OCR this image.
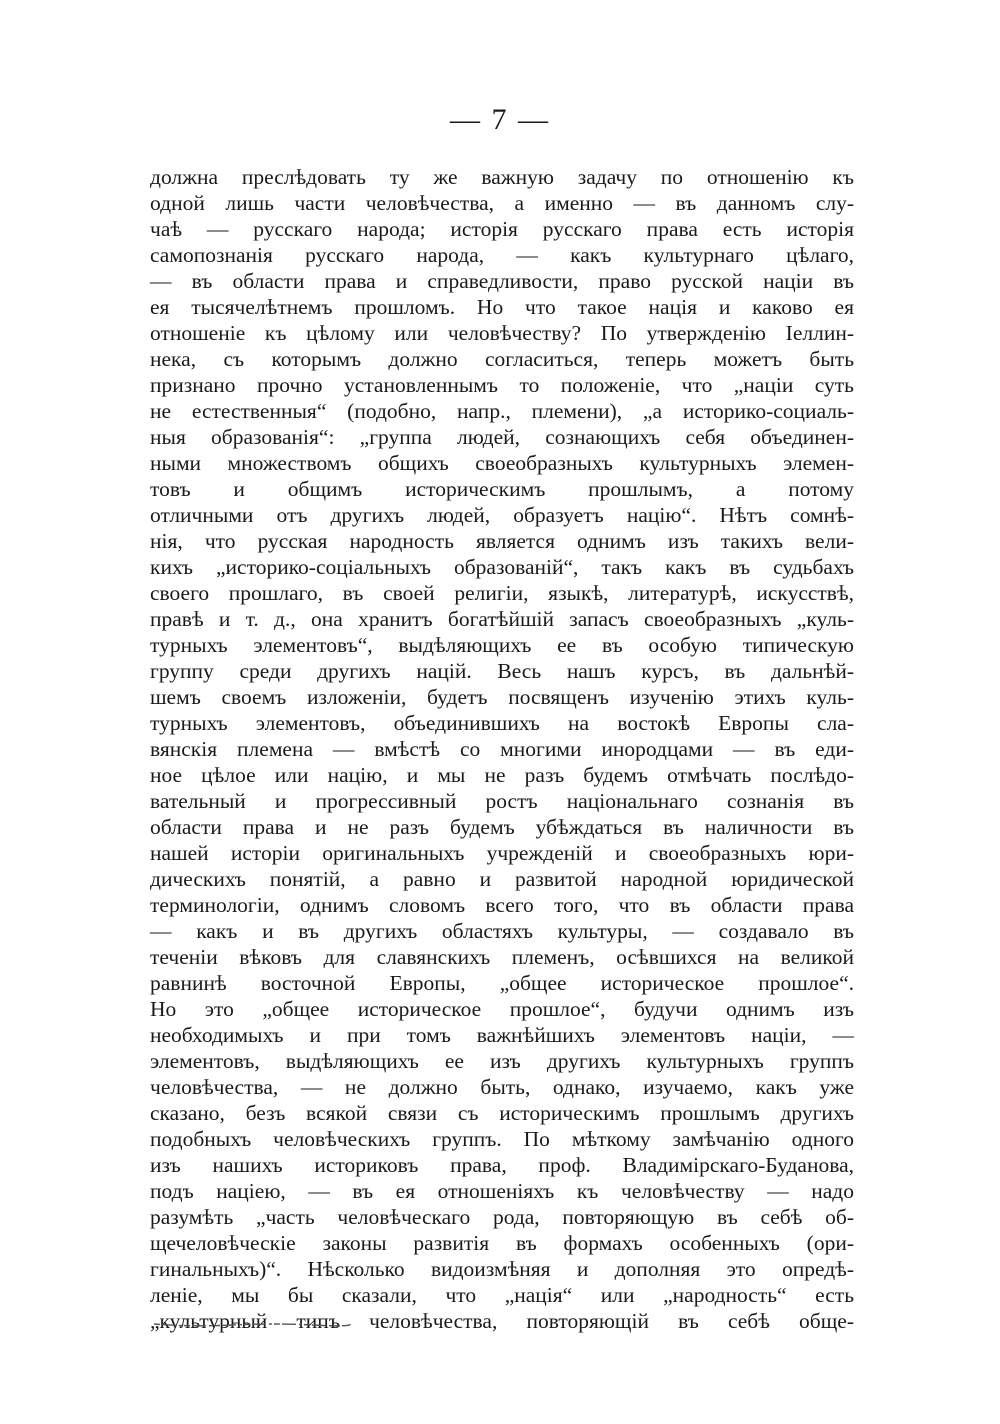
— 7 —
должна преслѣдовать ту же важную задачу по отношенію къ
одной лишь части человѣчества, а именно — въ данномъ слу-
чаѣ — русскаго народа; исторія русскаго права есть исторія
самопознанія русскаго народа, — какъ культурнаго цѣлаго,
— въ области права и справедливости, право русской націи въ
ея тысячелѣтнемъ прошломъ. Но что такое нація и каково ея
отношеніе къ цѣлому или человѣчеству? По утвержденію Іеллин-
нека, съ которымъ должно согласиться, теперь можетъ быть
признано прочно установленнымъ то положеніе, что „націи суть
не естественныя“ (подобно, напр., племени), „а историко-социаль-
ныя образованія“: „группа людей, сознающихъ себя объединен-
ными множествомъ общихъ своеобразныхъ культурныхъ элемен-
товъ и общимъ историческимъ прошлымъ, а потому
отличными отъ другихъ людей, образуетъ націю“. Нѣтъ сомнѣ-
нія, что русская народность является однимъ изъ такихъ вели-
кихъ „историко-соціальныхъ образованій“, такъ какъ въ судьбахъ
своего прошлаго, въ своей религіи, языкѣ, литературѣ, искусствѣ,
правѣ и т. д., она хранитъ богатѣйшій запасъ своеобразныхъ „куль-
турныхъ элементовъ“, выдѣляющихъ ее въ особую типическую
группу среди другихъ націй. Весь нашъ курсъ, въ дальнѣй-
шемъ своемъ изложеніи, будетъ посвященъ изученію этихъ куль-
турныхъ элементовъ, объединившихъ на востокѣ Европы сла-
вянскія племена — вмѣстѣ со многими инородцами — въ еди-
ное цѣлое или націю, и мы не разъ будемъ отмѣчать послѣдо-
вательный и прогрессивный ростъ національнаго сознанія въ
области права и не разъ будемъ убѣждаться въ наличности въ
нашей исторіи оригинальныхъ учрежденій и своеобразныхъ юри-
дическихъ понятій, а равно и развитой народной юридической
терминологіи, однимъ словомъ всего того, что въ области права
— какъ и въ другихъ областяхъ культуры, — создавало въ
теченіи вѣковъ для славянскихъ племенъ, осѣвшихся на великой
равнинѣ восточной Европы, „общее историческое прошлое“.
Но это „общее историческое прошлое“, будучи однимъ изъ
необходимыхъ и при томъ важнѣйшихъ элементовъ націи, —
элементовъ, выдѣляющихъ ее изъ другихъ культурныхъ группъ
человѣчества, — не должно быть, однако, изучаемо, какъ уже
сказано, безъ всякой связи съ историческимъ прошлымъ другихъ
подобныхъ человѣческихъ группъ. По мѣткому замѣчанію одного
изъ нашихъ историковъ права, проф. Владимірскаго-Буданова,
подъ націею, — въ ея отношеніяхъ къ человѣчеству — надо
разумѣть „часть человѣческаго рода, повторяющую въ себѣ об-
щечеловѣческіе законы развитія въ формахъ особенныхъ (ори-
гинальныхъ)“. Нѣсколько видоизмѣняя и дополняя это опредѣ-
леніе, мы бы сказали, что „нація“ или „народность“ есть
„культурный типъ человѣчества, повторяющій въ себѣ обще-
